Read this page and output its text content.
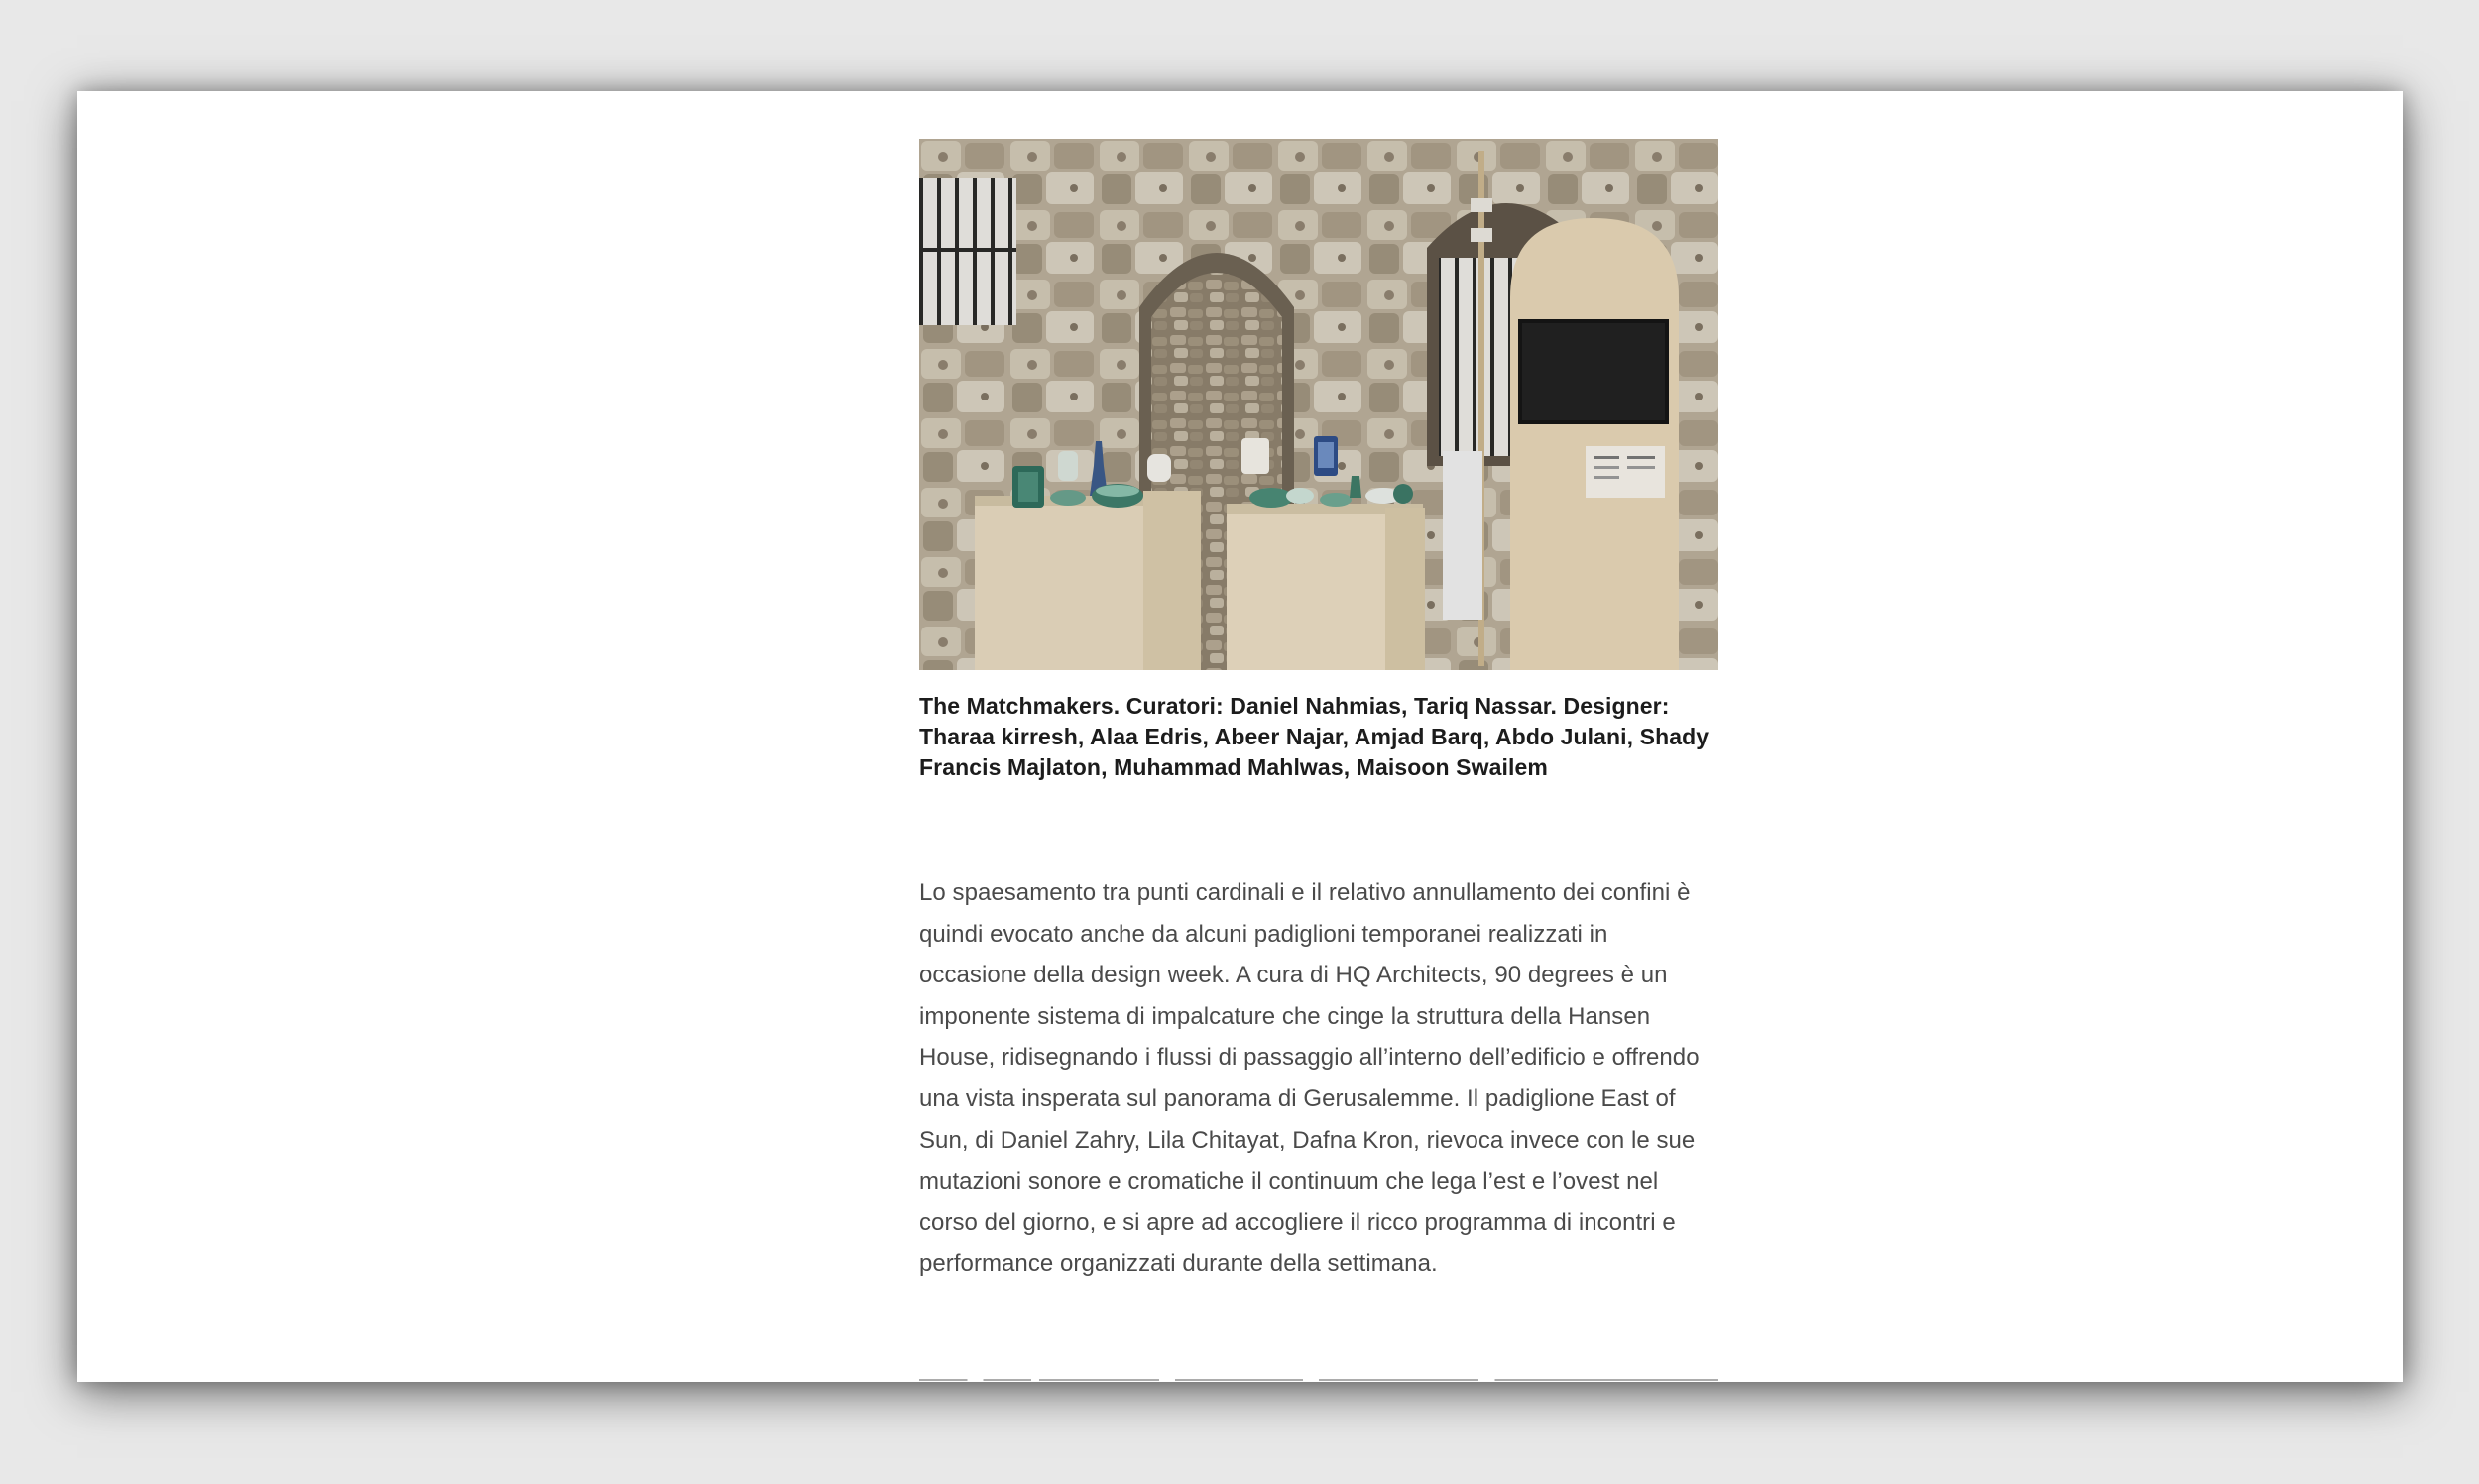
The Matchmakers. Curatori: Daniel Nahmias, Tariq Nassar. Designer: Tharaa kirresh, Alaa Edris, Abeer Najar, Amjad Barq, Abdo Julani, Shady Francis Majlaton, Muhammad Mahlwas, Maisoon Swailem

Lo spaesamento tra punti cardinali e il relativo annullamento dei confini è quindi evocato anche da alcuni padiglioni temporanei realizzati in occasione della design week. A cura di HQ Architects, 90 degrees è un imponente sistema di impalcature che cinge la struttura della Hansen House, ridisegnando i flussi di passaggio all’interno dell’edificio e offrendo una vista insperata sul panorama di Gerusalemme. Il padiglione East of Sun, di Daniel Zahry, Lila Chitayat, Dafna Kron, rievoca invece con le sue mutazioni sonore e cromatiche il continuum che lega l’est e l’ovest nel corso del giorno, e si apre ad accogliere il ricco programma di incontri e performance organizzati durante della settimana.
